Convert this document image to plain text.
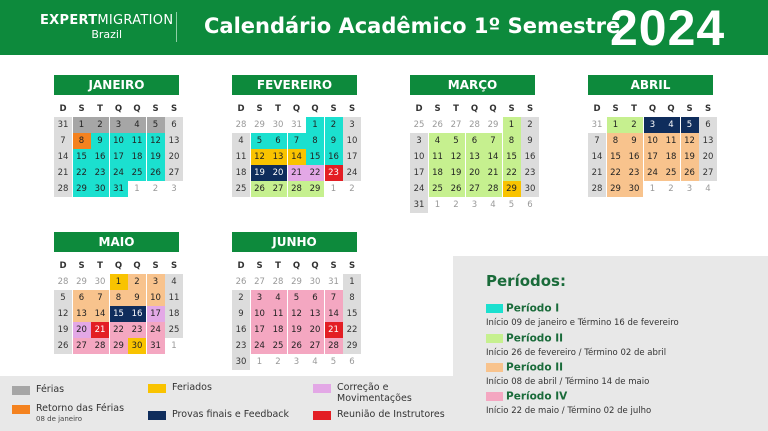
EXPERTMIGRATION
Brazil	Calendário Acadêmico 1º Semestre
2024
JANEIRO
D	S	T	Q	Q	S	S
31	1	2	3	4	5	6
7	8	9	10 11 12 13
14 15 16 17 18 19 20
21 22 23 24 25 26 27
28 29 30 31	1	2	3
FEVEREIRO
D	S	T	Q	Q	S	S
28 29 30 31	1	2	3
4	5	6	7	8	9	10
11 12 13 14 15 16 17
18 19 20 21 22 23 24
25 26 27 28 29	1	2
MARÇO
D	S	T	Q	Q	S	S
25 26 27 28 29	1	2
3	4	5	6	7	8	9
10 11 12 13 14 15 16
17 18 19 20 21 22 23
24 25 26 27 28 29 30
31	1	2	3	4	5	6
ABRIL
D	S	T	Q	Q	S	S
31	1	2	3	4	5	6
7	8	9	10 11 12 13
14 15 16 17 18 19 20
21 22 23 24 25 26 27
28 29 30	1	2	3	4
MAIO
D	S	T	Q	Q	S	S
28 29 30	1	2	3	4
5	6	7	8	9	10 11
12 13 14 15 16 17 18
19 20 21 22 23 24 25
26 27 28 29 30 31	1
JUNHO
D	S	T	Q	Q	S	S
26 27 28 29 30 31	1
2	3	4	5	6	7	8
9	10 11 12 13 14 15
16 17 18 19 20 21 22
23 24 25 26 27 28 29
30	1	2	3	4	5	6
Períodos:
Período I
Início 09 de janeiro e Término 16 de fevereiro
Período II
Início 26 de fevereiro / Término 02 de abril
Período II
Início 08 de abril / Término 14 de maio
Período IV
Início 22 de maio / Término 02 de julho
Férias
Retorno das Férias
08 de janeiro
Feriados
Provas finais e Feedback
Correção e Movimentações
Reunião de Instrutores
